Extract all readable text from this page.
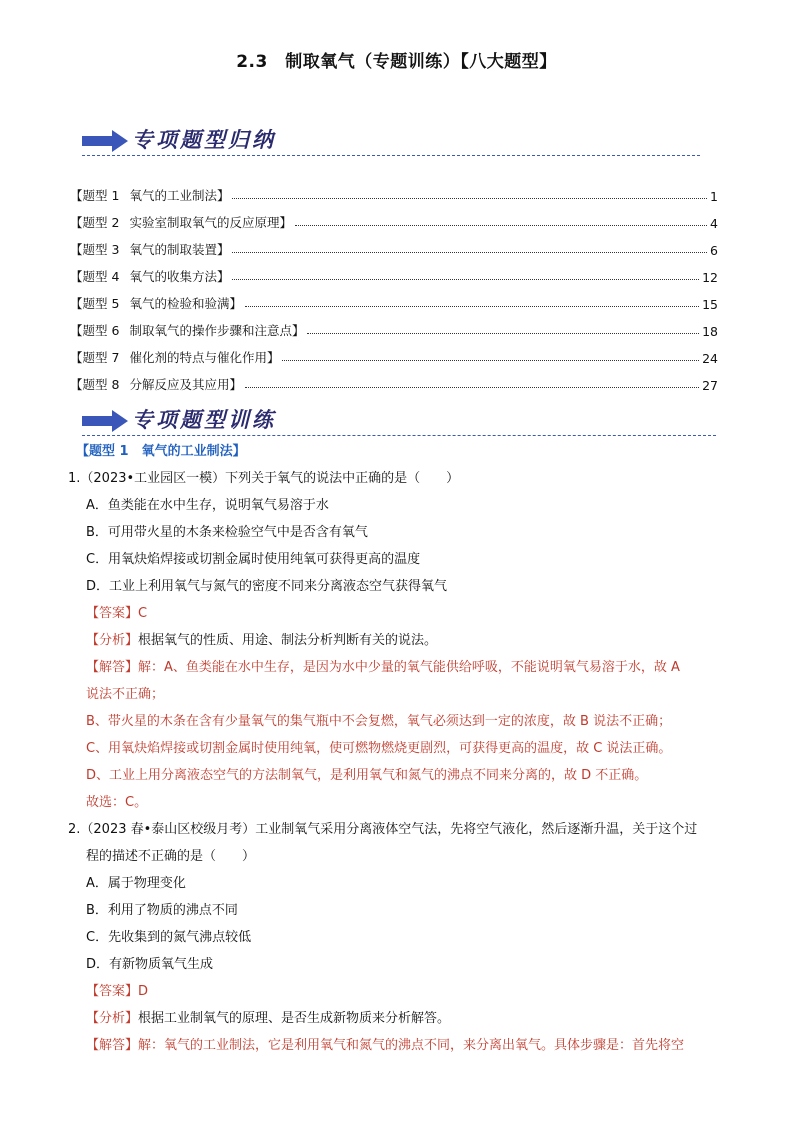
2.3　制取氧气（专题训练）【八大题型】
专项题型归纳
【题型 1 氧气的工业制法】	1
【题型 2 实验室制取氧气的反应原理】	4
【题型 3 氧气的制取装置】	6
【题型 4 氧气的收集方法】	12
【题型 5 氧气的检验和验满】	15
【题型 6 制取氧气的操作步骤和注意点】	18
【题型 7 催化剂的特点与催化作用】	24
【题型 8 分解反应及其应用】	27
专项题型训练
【题型 1　氧气的工业制法】
1.（2023•工业园区一模）下列关于氧气的说法中正确的是（　　）
A．鱼类能在水中生存，说明氧气易溶于水
B．可用带火星的木条来检验空气中是否含有氧气
C．用氧炔焰焊接或切割金属时使用纯氧可获得更高的温度
D．工业上利用氧气与氮气的密度不同来分离液态空气获得氧气
【答案】C
【分析】根据氧气的性质、用途、制法分析判断有关的说法。
【解答】解：A、鱼类能在水中生存，是因为水中少量的氧气能供给呼吸，不能说明氧气易溶于水，故 A
说法不正确；
B、带火星的木条在含有少量氧气的集气瓶中不会复燃，氧气必须达到一定的浓度，故 B 说法不正确；
C、用氧炔焰焊接或切割金属时使用纯氧，使可燃物燃烧更剧烈，可获得更高的温度，故 C 说法正确。
D、工业上用分离液态空气的方法制氧气，是利用氧气和氮气的沸点不同来分离的，故 D 不正确。
故选：C。
2.（2023 春•泰山区校级月考）工业制氧气采用分离液体空气法，先将空气液化，然后逐渐升温，关于这个过
程的描述不正确的是（　　）
A．属于物理变化
B．利用了物质的沸点不同
C．先收集到的氮气沸点较低
D．有新物质氧气生成
【答案】D
【分析】根据工业制氧气的原理、是否生成新物质来分析解答。
【解答】解：氧气的工业制法，它是利用氧气和氮气的沸点不同，来分离出氧气。具体步骤是：首先将空
